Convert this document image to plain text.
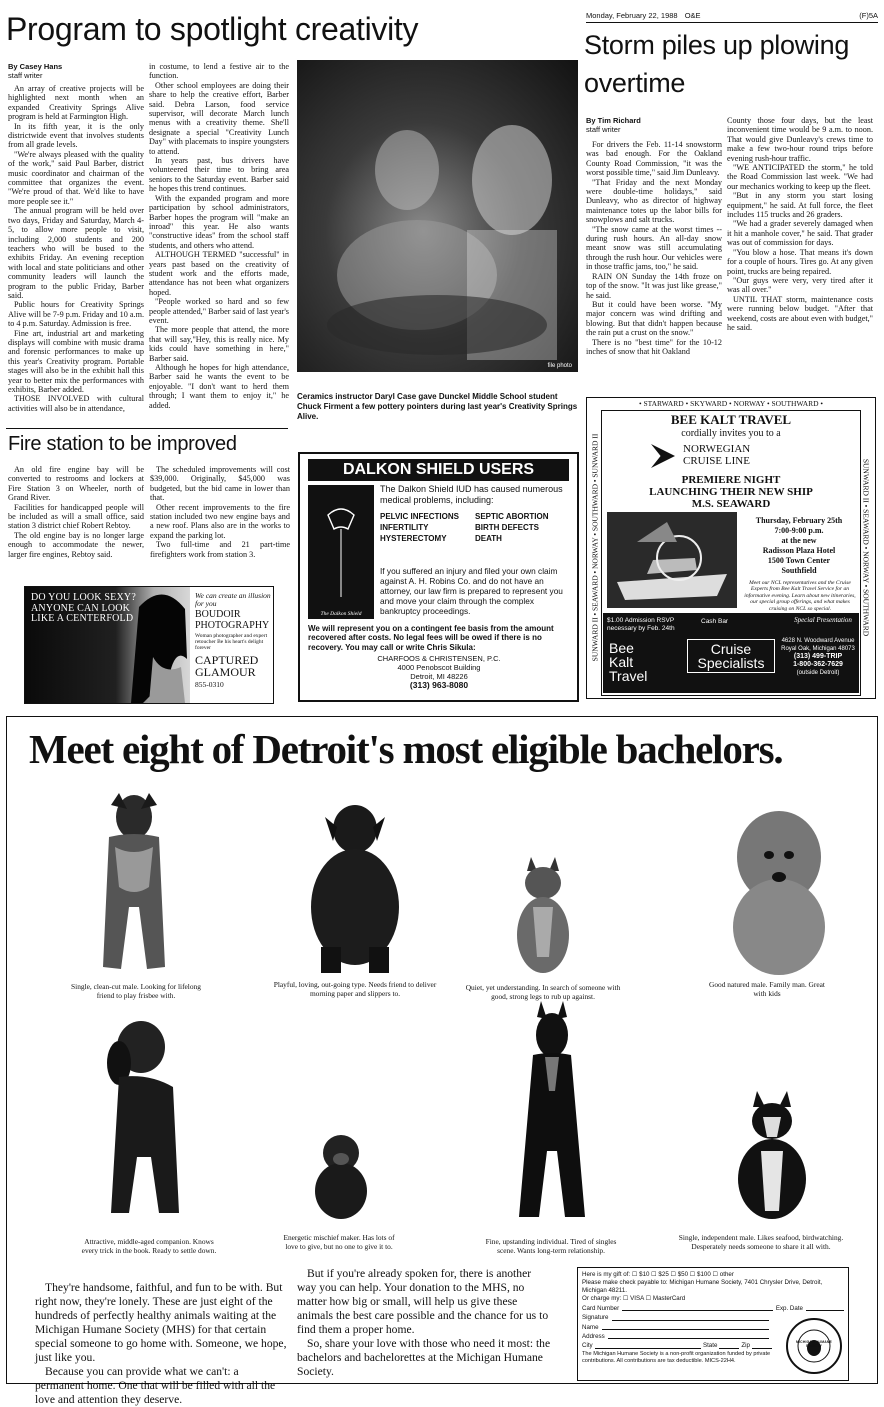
Monday, February 22, 1988 O&E	(F)5A
Program to spotlight creativity
By Casey Hans
staff writer

An array of creative projects will be highlighted next month when an expanded Creativity Springs Alive program is held at Farmington High.

In its fifth year, it is the only districtwide event that involves students from all grade levels.

"We're always pleased with the quality of the work," said Paul Barber, district music coordinator and chairman of the committee that organizes the event. "We're proud of that. We'd like to have more people see it."

The annual program will be held over two days, Friday and Saturday, March 4-5, to allow more people to visit, including 2,000 students and 200 teachers who will be bused to the exhibits Friday. An evening reception with local and state politicians and other community leaders will launch the program to the public Friday, Barber said.

Public hours for Creativity Springs Alive will be 7-9 p.m. Friday and 10 a.m. to 4 p.m. Saturday. Admission is free.

Fine art, industrial art and marketing displays will combine with music drama and forensic performances to make up this year's Creativity program. Portable stages will also be in the exhibit hall this year to better mix the performances with exhibits, Barber added.

THOSE INVOLVED with cultural activities will also be in attendance,

in costume, to lend a festive air to the function.

Other school employees are doing their share to help the creative effort, Barber said. Debra Larson, food service supervisor, will decorate March lunch menus with a creativity theme. She'll designate a special "Creativity Lunch Day" with placemats to inspire youngsters to attend.

In years past, bus drivers have volunteered their time to bring area seniors to the Saturday event. Barber said he hopes this trend continues.

With the expanded program and more participation by school administrators, Barber hopes the program will "make an inroad" this year. He also wants "constructive ideas" from the school staff students, and others who attend.

ALTHOUGH TERMED "successful" in years past based on the creativity of student work and the efforts made, attendance has not been what organizers hoped.

"People worked so hard and so few people attended," Barber said of last year's event.

The more people that attend, the more that will say,"Hey, this is really nice. My kids could have something in here," Barber said.

Although he hopes for high attendance, Barber said he wants the event to be enjoyable. "I don't want to herd them through; I want them to enjoy it," he added.

file photo
Ceramics instructor Daryl Case gave Dunckel Middle School student Chuck Firment a few pottery pointers during last year's Creativity Springs Alive.
Storm piles up plowing overtime
By Tim Richard
staff writer

For drivers the Feb. 11-14 snowstorm was bad enough. For the Oakland County Road Commission, "it was the worst possible time," said Jim Dunleavy.

"That Friday and the next Monday were double-time holidays," said Dunleavy, who as director of highway maintenance totes up the labor bills for snowplows and salt trucks.

"The snow came at the worst times -- during rush hours. An all-day snow meant snow was still accumulating through the rush hour. Our vehicles were in those traffic jams, too," he said.

RAIN ON Sunday the 14th froze on top of the snow. "It was just like grease," he said.

But it could have been worse. "My major concern was wind drifting and blowing. But that didn't happen because the rain put a crust on the snow."

There is no "best time" for the 10-12 inches of snow that hit Oakland

County those four days, but the least inconvenient time would be 9 a.m. to noon. That would give Dunleavy's crews time to make a few two-hour round trips before evening rush-hour traffic.

"WE ANTICIPATED the storm," he told the Road Commission last week. "We had our mechanics working to keep up the fleet.

"But in any storm you start losing equipment," he said. At full force, the fleet includes 115 trucks and 26 graders.

"We had a grader severely damaged when it hit a manhole cover," he said. That grader was out of commission for days.

"You blow a hose. That means it's down for a couple of hours. Tires go. At any given point, trucks are being repaired.

"Our guys were very, very tired after it was all over."

UNTIL THAT storm, maintenance costs were running below budget. "After that weekend, costs are about even with budget," he said.

Fire station to be improved

An old fire engine bay will be converted to restrooms and lockers at Fire Station 3 on Wheeler, north of Grand River.

Facilities for handicapped people will be included as will a small office, said station 3 district chief Robert Rebtoy.

The old engine bay is no longer large enough to accommodate the newer, larger fire engines, Rebtoy said.

The scheduled improvements will cost $39,000. Originally, $45,000 was budgeted, but the bid came in lower than that.

Other recent improvements to the fire station included two new engine bays and a new roof. Plans also are in the works to expand the parking lot.

Two full-time and 21 part-time firefighters work from station 3.

DO YOU LOOK SEXY? ANYONE CAN LOOK LIKE A CENTERFOLD
We can create an illusion for you
BOUDOIR PHOTOGRAPHY
Woman photographer and expert retoucher Be his heart's delight forever
CAPTURED GLAMOUR
855-0310
DALKON SHIELD USERS
The Dalkon Shield
The Dalkon Shield IUD has caused numerous medical problems, including:
PELVIC INFECTIONS	SEPTIC ABORTION
INFERTILITY	BIRTH DEFECTS
HYSTERECTOMY	DEATH
If you suffered an injury and filed your own claim against A. H. Robins Co. and do not have an attorney, our law firm is prepared to represent you and move your claim through the complex bankruptcy proceedings.
We will represent you on a contingent fee basis from the amount recovered after costs. No legal fees will be owed if there is no recovery. You may call or write Chris Sikula:
CHARFOOS & CHRISTENSEN, P.C.
4000 Penobscot Building
Detroit, MI 48226
(313) 963-8080
• STARWARD • SKYWARD • NORWAY • SOUTHWARD •
SUNWARD II • SEAWARD • NORWAY • SOUTHWARD • SUNWARD II	SUNWARD II • SEAWARD • NORWAY • SOUTHWARD
BEE KALT TRAVEL
cordially invites you to a
NORWEGIAN
CRUISE LINE
PREMIERE NIGHT
LAUNCHING THEIR NEW SHIP
M.S. SEAWARD
Thursday, February 25th
7:00-9:00 p.m.
at the new
Radisson Plaza Hotel
1500 Town Center
Southfield
Meet our NCL representatives and the Cruise Experts from Bee Kalt Travel Service for an informative evening. Learn about new itineraries, our special group offerings, and what makes cruising on NCL so special.
$1.00 Admission RSVP necessary by Feb. 24th
Cash Bar	Special Presentation
Bee
Kalt
Travel
Cruise
Specialists
4628 N. Woodward Avenue Royal Oak, Michigan 48073
(313) 499-TRIP
1-800-362-7629
(outside Detroit)
Meet eight of Detroit's most eligible bachelors.
Single, clean-cut male. Looking for lifelong friend to play frisbee with.
Playful, loving, out-going type. Needs friend to deliver morning paper and slippers to.
Quiet, yet understanding. In search of someone with good, strong legs to rub up against.
Good natured male. Family man. Great with kids
Attractive, middle-aged companion. Knows every trick in the book. Ready to settle down.
Energetic mischief maker. Has lots of love to give, but no one to give it to.
Fine, upstanding individual. Tired of singles scene. Wants long-term relationship.
Single, independent male. Likes seafood, birdwatching. Desperately needs someone to share it all with.

They're handsome, faithful, and fun to be with. But right now, they're lonely. These are just eight of the hundreds of perfectly healthy animals waiting at the Michigan Humane Society (MHS) for that certain special someone to go home with. Someone, we hope, just like you.

Because you can provide what we can't: a permanent home. One that will be filled with all the love and attention they deserve.

But if you're already spoken for, there is another way you can help. Your donation to the MHS, no matter how big or small, will help us give these animals the best care possible and the chance for us to find them a proper home.

So, share your love with those who need it most: the bachelors and bachelorettes at the Michigan Humane Society.

Here is my gift of: ☐ $10 ☐ $25 ☐ $50 ☐ $100 ☐ other
Please make check payable to: Michigan Humane Society, 7401 Chrysler Drive, Detroit, Michigan 48211.
Or charge my: ☐ VISA ☐ MasterCard
Card Number	Exp. Date
Signature
Name
Address
City	State	Zip
The Michigan Humane Society is a non-profit organization funded by private contributions. All contributions are tax deductible. MICS-22H4.
MICHIGAN HUMANE SOCIETY
